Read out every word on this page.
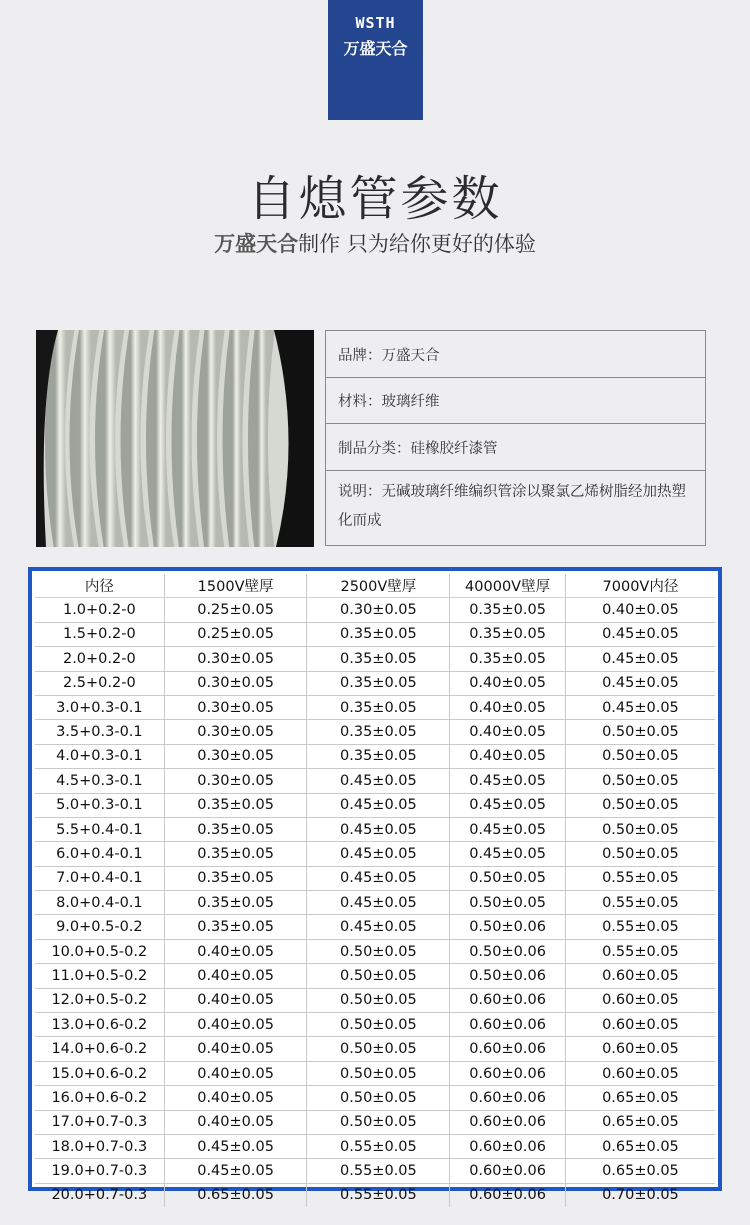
WSTH
万盛天合
自熄管参数
万盛天合制作 只为给你更好的体验
品牌：万盛天合
材料：玻璃纤维
制品分类：硅橡胶纤漆管
说明：无碱玻璃纤维编织管涂以聚氯乙烯树脂经加热塑化而成
内径	1500V壁厚	2500V壁厚	40000V壁厚	7000V内径
1.0+0.2-0	0.25±0.05	0.30±0.05	0.35±0.05	0.40±0.05
1.5+0.2-0	0.25±0.05	0.35±0.05	0.35±0.05	0.45±0.05
2.0+0.2-0	0.30±0.05	0.35±0.05	0.35±0.05	0.45±0.05
2.5+0.2-0	0.30±0.05	0.35±0.05	0.40±0.05	0.45±0.05
3.0+0.3-0.1	0.30±0.05	0.35±0.05	0.40±0.05	0.45±0.05
3.5+0.3-0.1	0.30±0.05	0.35±0.05	0.40±0.05	0.50±0.05
4.0+0.3-0.1	0.30±0.05	0.35±0.05	0.40±0.05	0.50±0.05
4.5+0.3-0.1	0.30±0.05	0.45±0.05	0.45±0.05	0.50±0.05
5.0+0.3-0.1	0.35±0.05	0.45±0.05	0.45±0.05	0.50±0.05
5.5+0.4-0.1	0.35±0.05	0.45±0.05	0.45±0.05	0.50±0.05
6.0+0.4-0.1	0.35±0.05	0.45±0.05	0.45±0.05	0.50±0.05
7.0+0.4-0.1	0.35±0.05	0.45±0.05	0.50±0.05	0.55±0.05
8.0+0.4-0.1	0.35±0.05	0.45±0.05	0.50±0.05	0.55±0.05
9.0+0.5-0.2	0.35±0.05	0.45±0.05	0.50±0.06	0.55±0.05
10.0+0.5-0.2	0.40±0.05	0.50±0.05	0.50±0.06	0.55±0.05
11.0+0.5-0.2	0.40±0.05	0.50±0.05	0.50±0.06	0.60±0.05
12.0+0.5-0.2	0.40±0.05	0.50±0.05	0.60±0.06	0.60±0.05
13.0+0.6-0.2	0.40±0.05	0.50±0.05	0.60±0.06	0.60±0.05
14.0+0.6-0.2	0.40±0.05	0.50±0.05	0.60±0.06	0.60±0.05
15.0+0.6-0.2	0.40±0.05	0.50±0.05	0.60±0.06	0.60±0.05
16.0+0.6-0.2	0.40±0.05	0.50±0.05	0.60±0.06	0.65±0.05
17.0+0.7-0.3	0.40±0.05	0.50±0.05	0.60±0.06	0.65±0.05
18.0+0.7-0.3	0.45±0.05	0.55±0.05	0.60±0.06	0.65±0.05
19.0+0.7-0.3	0.45±0.05	0.55±0.05	0.60±0.06	0.65±0.05
20.0+0.7-0.3	0.65±0.05	0.55±0.05	0.60±0.06	0.70±0.05
